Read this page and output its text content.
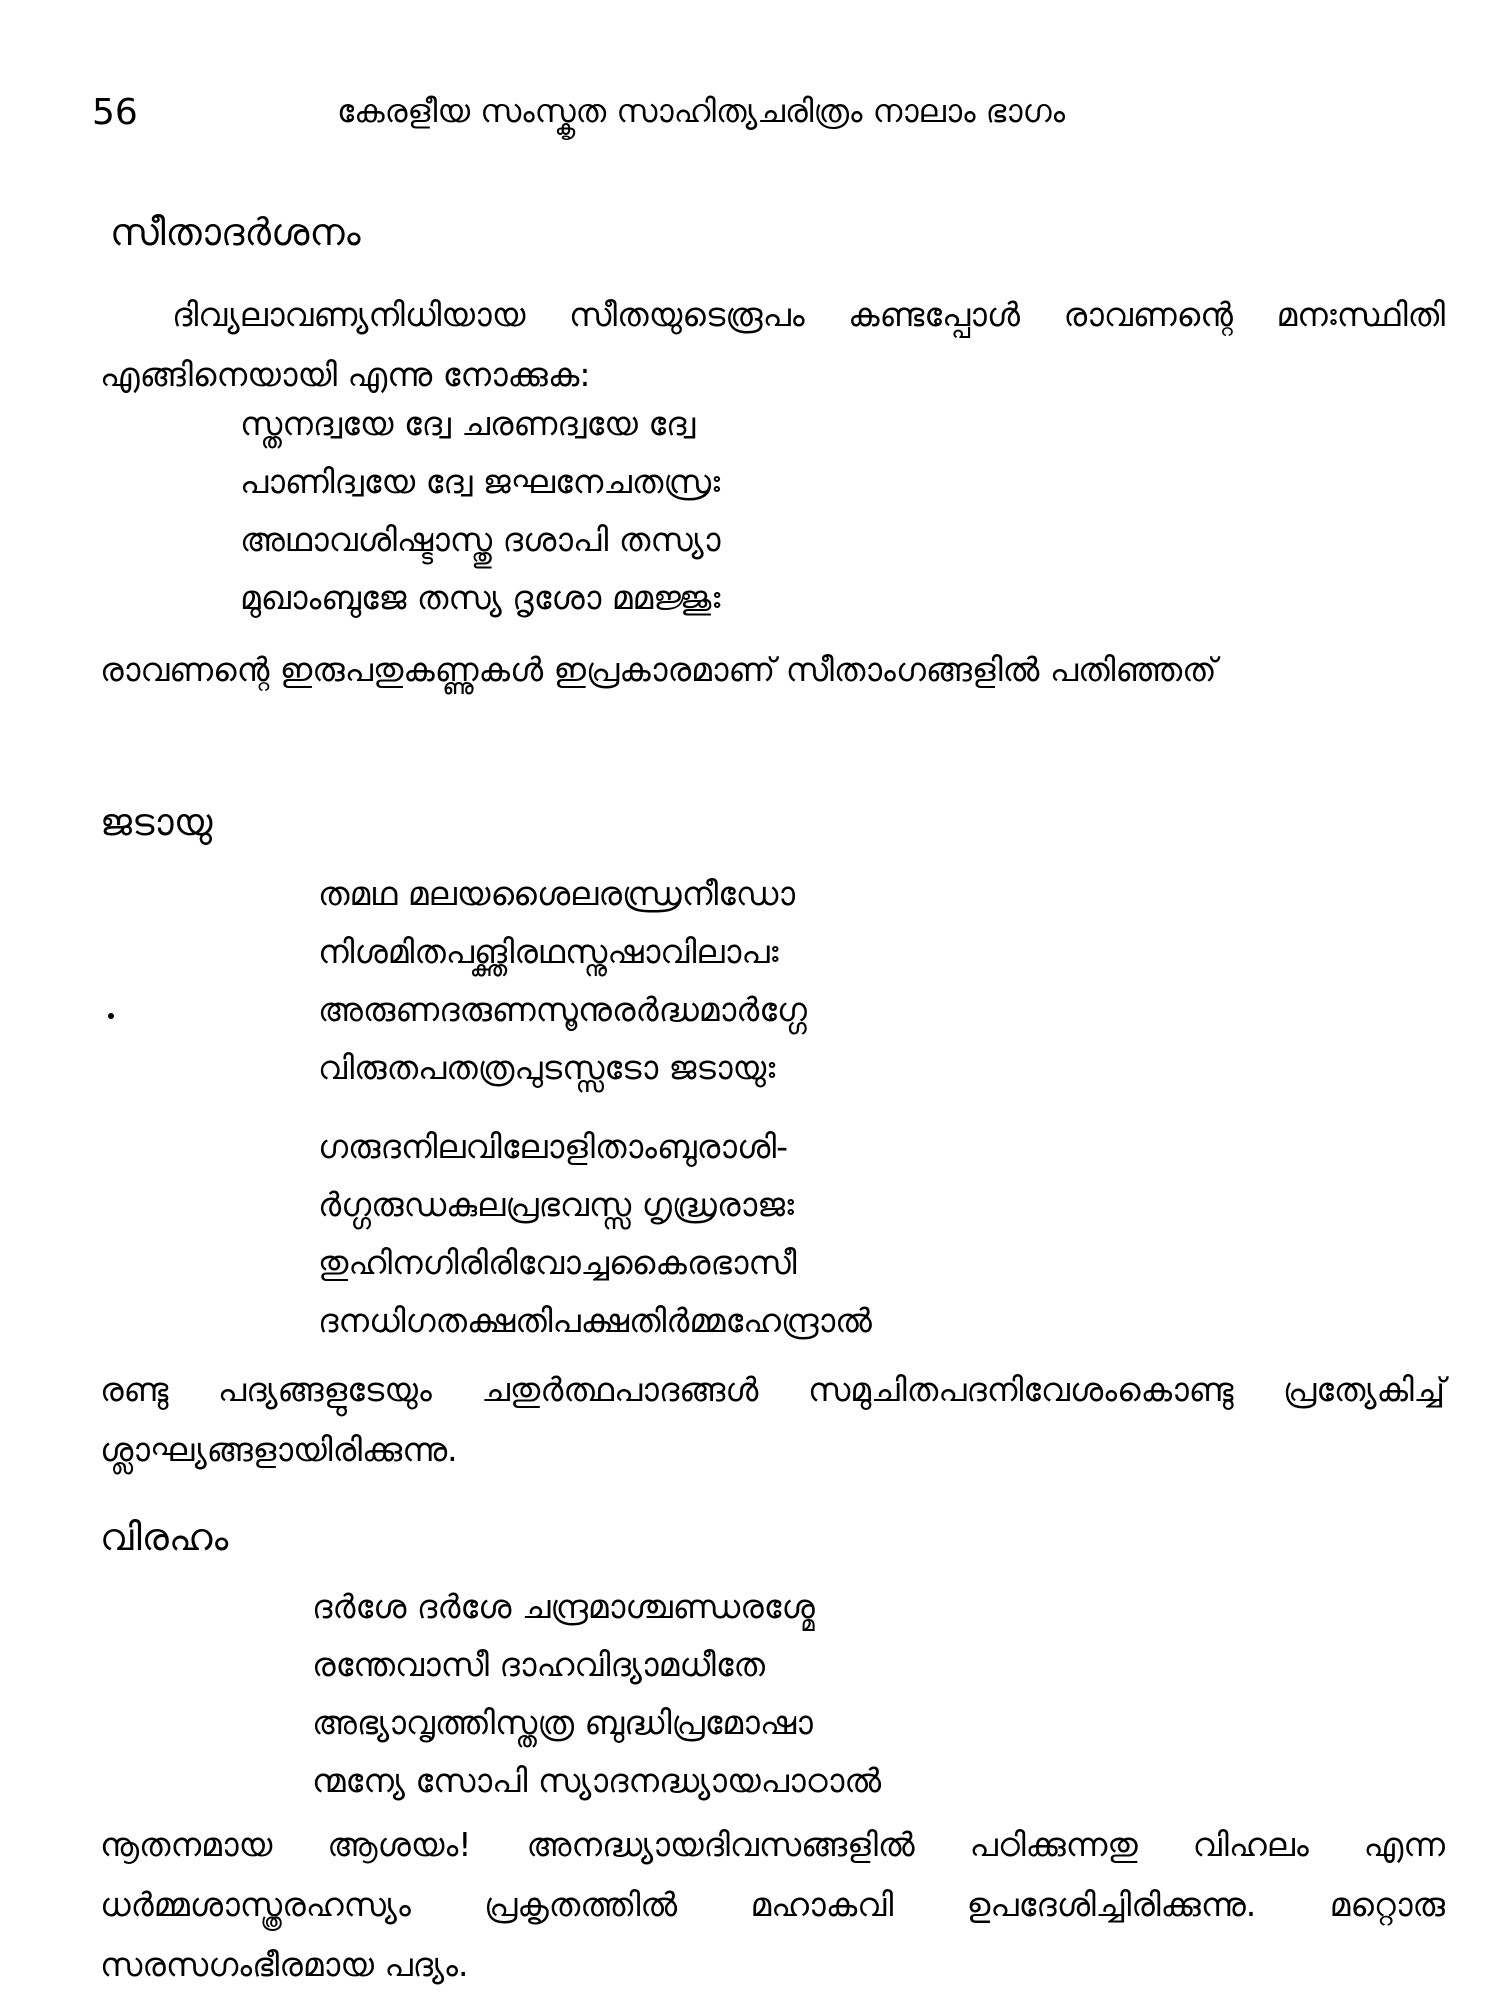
56	കേരളീയ സംസ്കൃത സാഹിത്യചരിത്രം നാലാം ഭാഗം
സീതാദർശനം

ദിവ്യലാവണ്യനിധിയായ സീതയുടെരൂപം കണ്ടപ്പോൾ രാവണന്റെ മനഃസ്ഥിതി എങ്ങിനെയായി എന്നു നോക്കുക:

സ്തനദ്വയേ ദ്വേ ചരണദ്വയേ ദ്വേ
പാണിദ്വയേ ദ്വേ ജഘനേചതസ്രഃ
അഥാവശിഷ്ടാസ്തു ദശാപി തസ്യാ
മുഖാംബുജേ തസ്യ ദൃശോ മമജ്ജുഃ

രാവണന്റെ ഇരുപതുകണ്ണുകൾ ഇപ്രകാരമാണ് സീതാംഗങ്ങളിൽ പതിഞ്ഞത്

ജടായു
തമഥ മലയശൈലരന്ധ്രനീഡോ
നിശമിതപങ്ക്തിരഥസ്നുഷാവിലാപഃ
അരുണദരുണസൂനുരർദ്ധമാർഗ്ഗേ
വിരുതപതത്രപുടസ്സടോ ജടായുഃ
ഗരുദനിലവിലോളിതാംബുരാശി-
ർഗ്ഗരുഡകുലപ്രഭവസ്സ ഗൃദ്ധ്രരാജഃ
തുഹിനഗിരിരിവോച്ചകൈരഭാസീ
ദനധിഗതക്ഷതിപക്ഷതിർമ്മഹേന്ദ്രാൽ

രണ്ടു പദ്യങ്ങളുടേയും ചതുർത്ഥപാദങ്ങൾ സമുചിതപദനിവേശംകൊണ്ടു പ്രത്യേകിച്ച് ശ്ലാഘ്യങ്ങളായിരിക്കുന്നു.

വിരഹം
ദർശേ ദർശേ ചന്ദ്രമാശ്ചണ്ഡരശ്മേ
രന്തേവാസീ ദാഹവിദ്യാമധീതേ
അഭ്യാവൃത്തിസ്തത്ര ബുദ്ധിപ്രമോഷാ
ന്മന്യേ സോപി സ്യാദനദ്ധ്യായപാഠാൽ

നൂതനമായ ആശയം! അനദ്ധ്യായദിവസങ്ങളിൽ പഠിക്കുന്നതു വിഹലം എന്ന ധർമ്മശാസ്ത്രരഹസ്യം പ്രകൃതത്തിൽ മഹാകവി ഉപദേശിച്ചിരിക്കുന്നു. മറ്റൊരു സരസഗംഭീരമായ പദ്യം.
